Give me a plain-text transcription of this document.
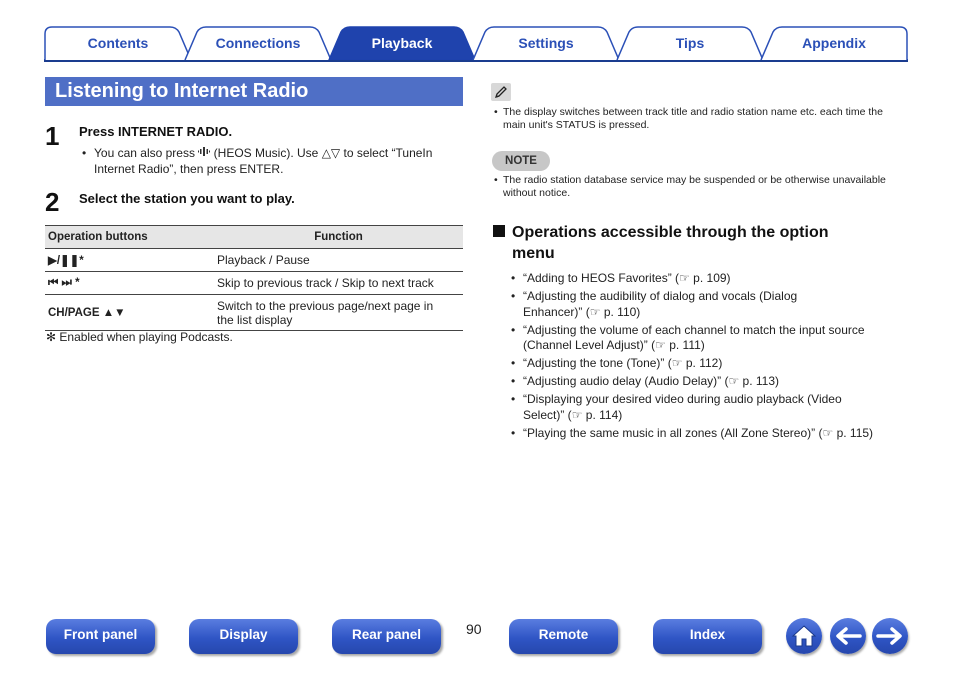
Contents	Connections	Playback	Settings	Tips	Appendix
Listening to Internet Radio
1 Press INTERNET RADIO.
• You can also press (HEOS Music). Use △▽ to select “TuneIn
Internet Radio”, then press ENTER.
2 Select the station you want to play.
Operation buttons	Function
▶/❚❚*	Playback / Pause
⏮ ⏭ *	Skip to previous track / Skip to next track
CH/PAGE ▲▼	Switch to the previous page/next page in
the list display
✻ Enabled when playing Podcasts.
• The display switches between track title and radio station name etc. each time the
main unit's STATUS is pressed.
NOTE
• The radio station database service may be suspended or be otherwise unavailable
without notice.
Operations accessible through the option
menu
• “Adding to HEOS Favorites” (☞ p. 109)
• “Adjusting the audibility of dialog and vocals (Dialog
Enhancer)” (☞ p. 110)
• “Adjusting the volume of each channel to match the input source
(Channel Level Adjust)” (☞ p. 111)
• “Adjusting the tone (Tone)” (☞ p. 112)
• “Adjusting audio delay (Audio Delay)” (☞ p. 113)
• “Displaying your desired video during audio playback (Video
Select)” (☞ p. 114)
• “Playing the same music in all zones (All Zone Stereo)” (☞ p. 115)
Front panel	Display	Rear panel	90	Remote	Index
